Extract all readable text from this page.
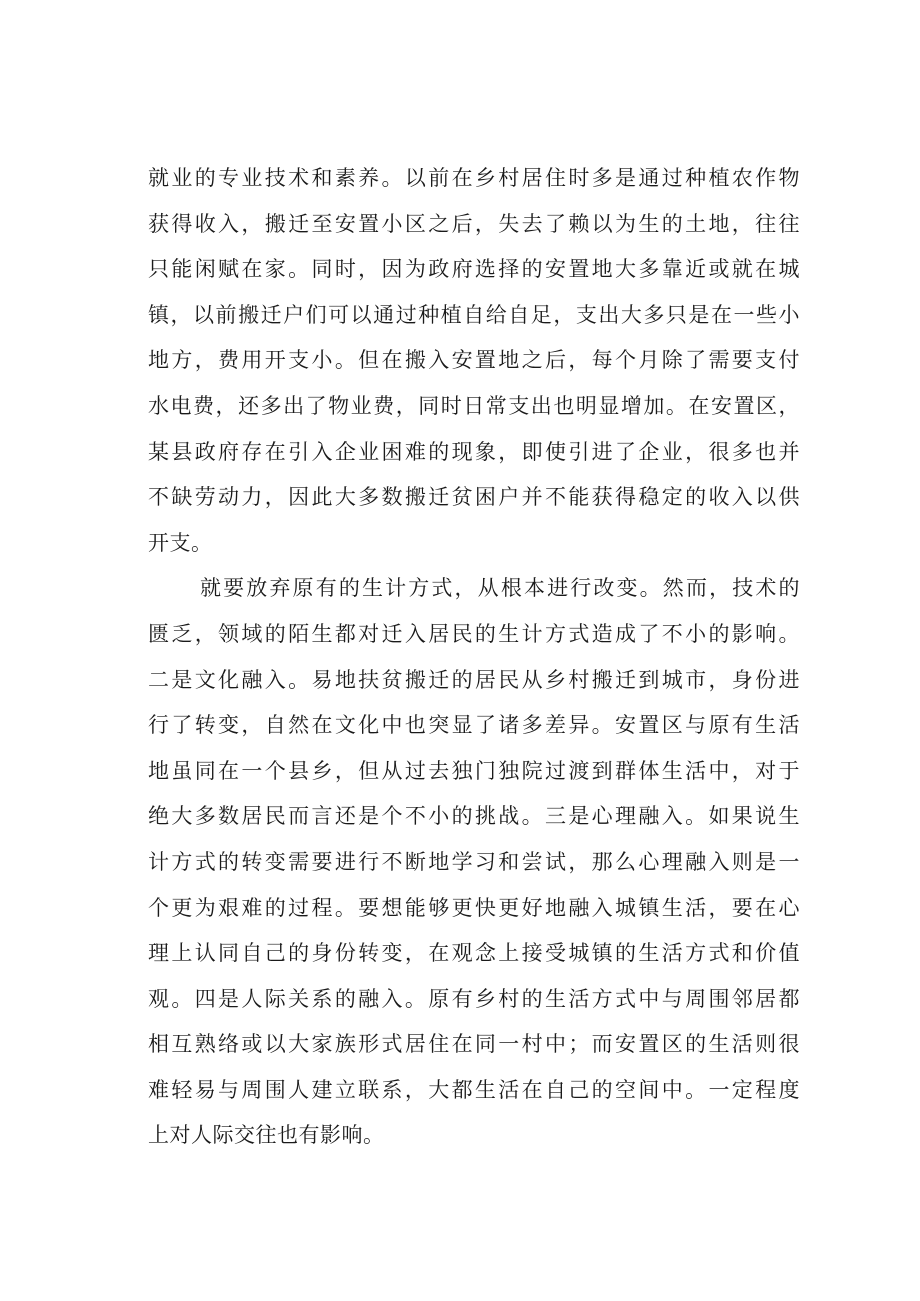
就业的专业技术和素养。以前在乡村居住时多是通过种植农作物
获得收入，搬迁至安置小区之后，失去了赖以为生的土地，往往
只能闲赋在家。同时，因为政府选择的安置地大多靠近或就在城
镇，以前搬迁户们可以通过种植自给自足，支出大多只是在一些小
地方，费用开支小。但在搬入安置地之后，每个月除了需要支付
水电费，还多出了物业费，同时日常支出也明显增加。在安置区，
某县政府存在引入企业困难的现象，即使引进了企业，很多也并
不缺劳动力，因此大多数搬迁贫困户并不能获得稳定的收入以供
开支。
就要放弃原有的生计方式，从根本进行改变。然而，技术的
匮乏，领域的陌生都对迁入居民的生计方式造成了不小的影响。
二是文化融入。易地扶贫搬迁的居民从乡村搬迁到城市，身份进
行了转变，自然在文化中也突显了诸多差异。安置区与原有生活
地虽同在一个县乡，但从过去独门独院过渡到群体生活中，对于
绝大多数居民而言还是个不小的挑战。三是心理融入。如果说生
计方式的转变需要进行不断地学习和尝试，那么心理融入则是一
个更为艰难的过程。要想能够更快更好地融入城镇生活，要在心
理上认同自己的身份转变，在观念上接受城镇的生活方式和价值
观。四是人际关系的融入。原有乡村的生活方式中与周围邻居都
相互熟络或以大家族形式居住在同一村中；而安置区的生活则很
难轻易与周围人建立联系，大都生活在自己的空间中。一定程度
上对人际交往也有影响。
